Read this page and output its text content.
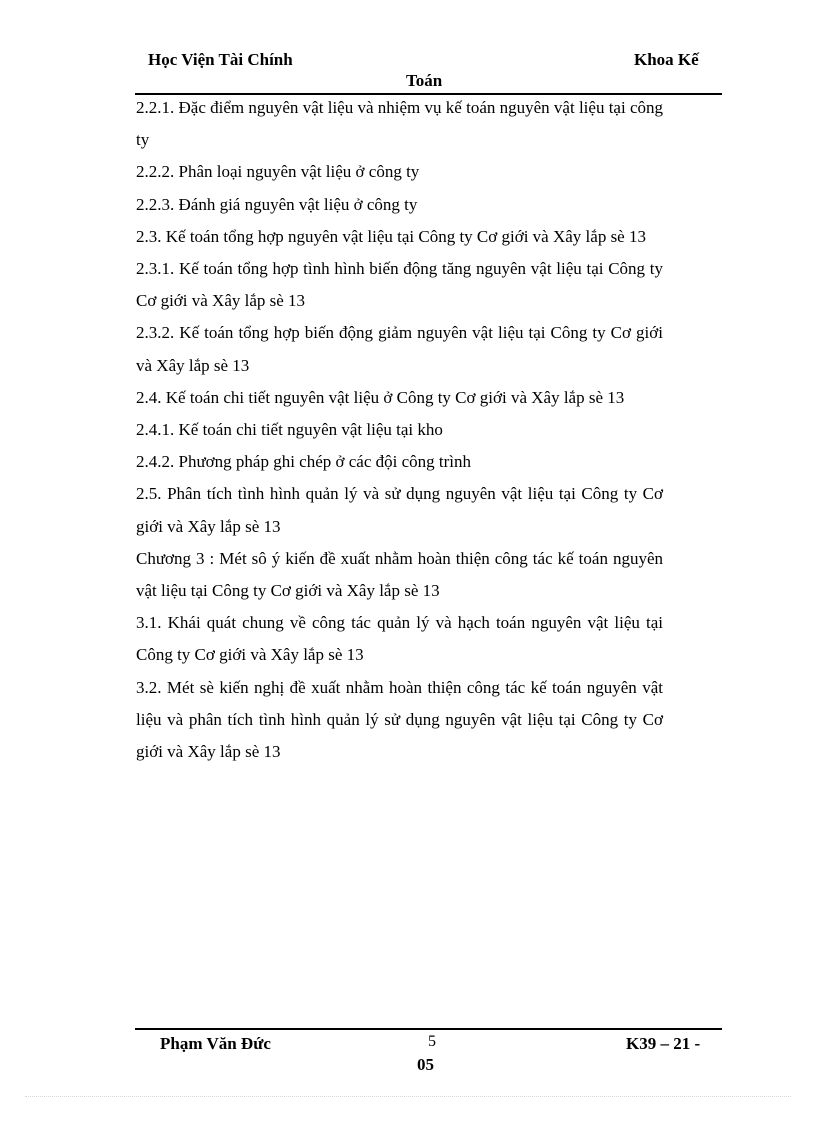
Học Viện Tài Chính	Khoa Kế
Toán

2.2.1. Đặc điểm nguyên vật liệu và nhiệm vụ kế toán nguyên vật liệu tại công ty

2.2.2. Phân loại nguyên vật liệu ở công ty

2.2.3. Đánh giá nguyên vật liệu ở công ty

2.3. Kế toán tổng hợp nguyên vật liệu tại Công ty Cơ giới và Xây lắp sè 13

2.3.1. Kế toán tổng hợp tình hình biến động tăng nguyên vật liệu tại Công ty Cơ giới và Xây lắp sè 13

2.3.2. Kế toán tổng hợp biến động giảm nguyên vật liệu tại Công ty Cơ giới và Xây lắp sè 13

2.4. Kế toán chi tiết nguyên vật liệu ở Công ty Cơ giới và Xây lắp sè 13

2.4.1. Kế toán chi tiết nguyên vật liệu tại kho

2.4.2. Phương pháp ghi chép ở các đội công trình

2.5. Phân tích tình hình quản lý và sử dụng nguyên vật liệu tại Công ty Cơ giới và Xây lắp sè 13

Chương 3 : Mét sô ý kiến đề xuất nhằm hoàn thiện công tác kế toán nguyên vật liệu tại Công ty Cơ giới và Xây lắp sè 13

3.1. Khái quát chung về công tác quản lý và hạch toán nguyên vật liệu tại Công ty Cơ giới và Xây lắp sè 13

3.2. Mét sè kiến nghị đề xuất nhằm hoàn thiện công tác kế toán nguyên vật liệu và phân tích tình hình quản lý sử dụng nguyên vật liệu tại Công ty Cơ giới và Xây lắp sè 13

Phạm Văn Đức	5	K39 – 21 -
05
